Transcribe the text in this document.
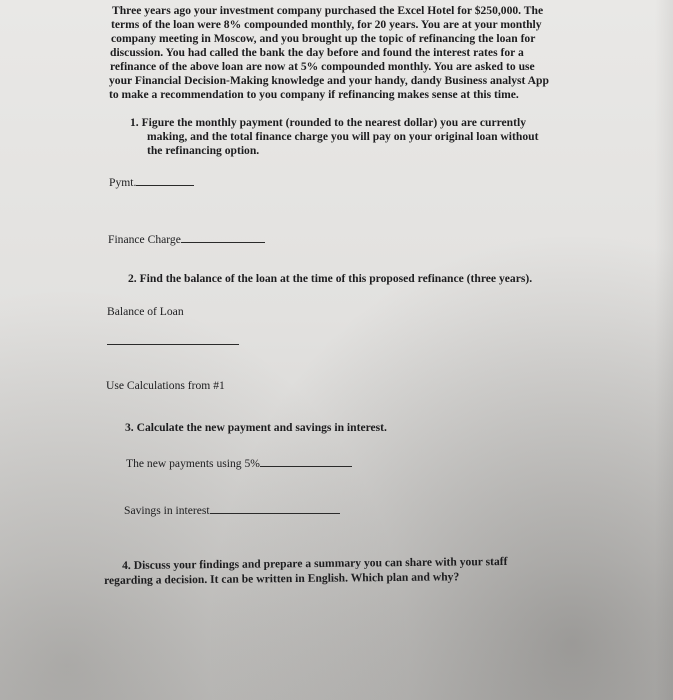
Three years ago your investment company purchased the Excel Hotel for $250,000. The
terms of the loan were 8% compounded monthly, for 20 years. You are at your monthly
company meeting in Moscow, and you brought up the topic of refinancing the loan for
discussion. You had called the bank the day before and found the interest rates for a
refinance of the above loan are now at 5% compounded monthly. You are asked to use
your Financial Decision-Making knowledge and your handy, dandy Business analyst App
to make a recommendation to you company if refinancing makes sense at this time.
1. Figure the monthly payment (rounded to the nearest dollar) you are currently
making, and the total finance charge you will pay on your original loan without
the refinancing option.
Pymt.
Finance Charge
2. Find the balance of the loan at the time of this proposed refinance (three years).
Balance of Loan
Use Calculations from #1
3. Calculate the new payment and savings in interest.
The new payments using 5%
Savings in interest
4. Discuss your findings and prepare a summary you can share with your staff
regarding a decision. It can be written in English. Which plan and why?
